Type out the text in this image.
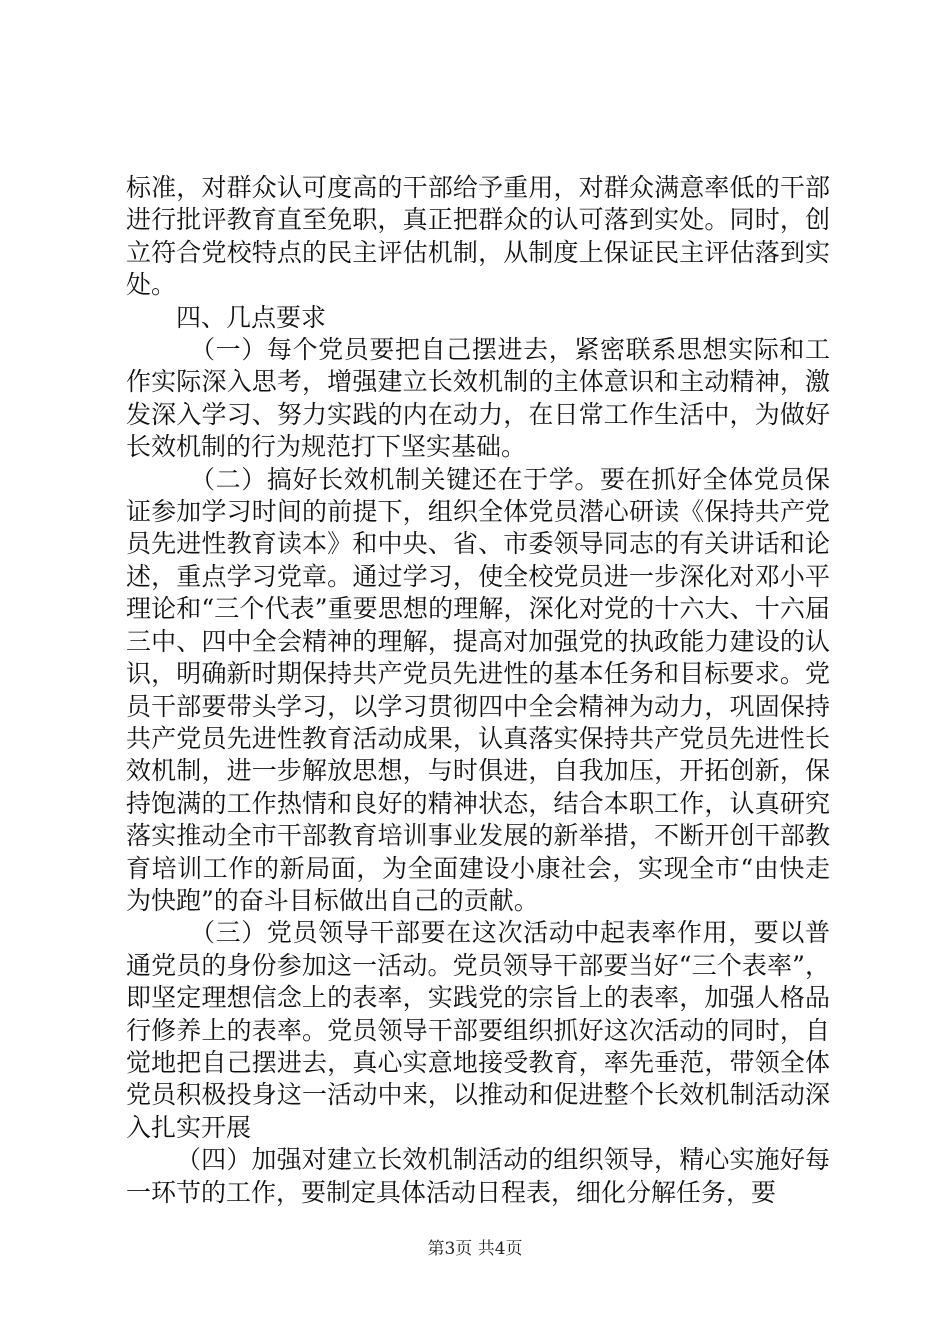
标准，对群众认可度高的干部给予重用，对群众满意率低的干部进行批评教育直至免职，真正把群众的认可落到实处。同时，创立符合党校特点的民主评估机制，从制度上保证民主评估落到实处。

四、几点要求

（一）每个党员要把自己摆进去，紧密联系思想实际和工作实际深入思考，增强建立长效机制的主体意识和主动精神，激发深入学习、努力实践的内在动力，在日常工作生活中，为做好长效机制的行为规范打下坚实基础。

（二）搞好长效机制关键还在于学。要在抓好全体党员保证参加学习时间的前提下，组织全体党员潜心研读《保持共产党员先进性教育读本》和中央、省、市委领导同志的有关讲话和论述，重点学习党章。通过学习，使全校党员进一步深化对邓小平理论和“三个代表”重要思想的理解，深化对党的十六大、十六届三中、四中全会精神的理解，提高对加强党的执政能力建设的认识，明确新时期保持共产党员先进性的基本任务和目标要求。党员干部要带头学习，以学习贯彻四中全会精神为动力，巩固保持共产党员先进性教育活动成果，认真落实保持共产党员先进性长效机制，进一步解放思想，与时俱进，自我加压，开拓创新，保持饱满的工作热情和良好的精神状态，结合本职工作，认真研究落实推动全市干部教育培训事业发展的新举措，不断开创干部教育培训工作的新局面，为全面建设小康社会，实现全市“由快走为快跑”的奋斗目标做出自己的贡献。

（三）党员领导干部要在这次活动中起表率作用，要以普通党员的身份参加这一活动。党员领导干部要当好“三个表率”，即坚定理想信念上的表率，实践党的宗旨上的表率，加强人格品行修养上的表率。党员领导干部要组织抓好这次活动的同时，自觉地把自己摆进去，真心实意地接受教育，率先垂范，带领全体党员积极投身这一活动中来，以推动和促进整个长效机制活动深入扎实开展

（四）加强对建立长效机制活动的组织领导，精心实施好每一环节的工作，要制定具体活动日程表，细化分解任务，要

第3页 共4页
